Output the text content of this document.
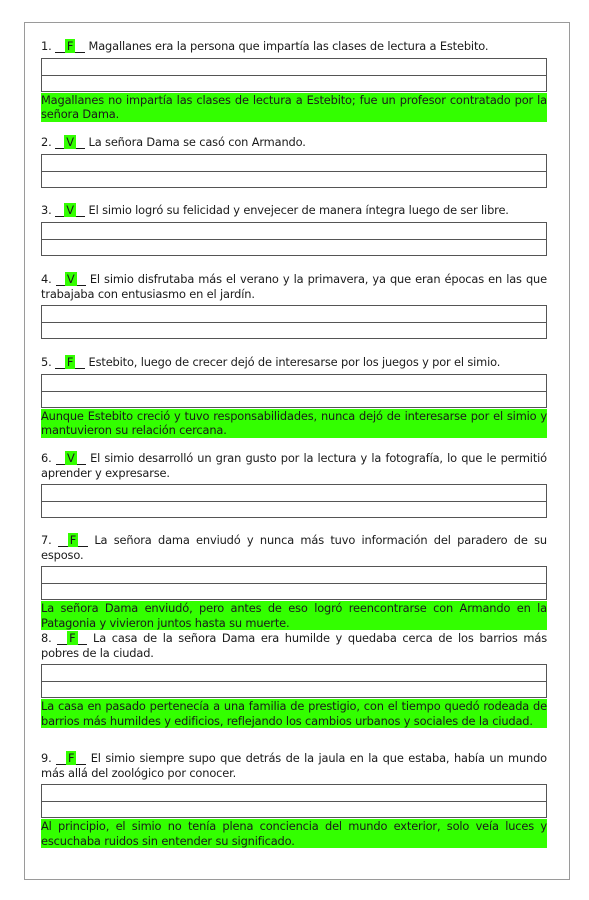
1. F Magallanes era la persona que impartía las clases de lectura a Estebito.

Magallanes no impartía las clases de lectura a Estebito; fue un profesor contratado por la señora Dama.

2. V La señora Dama se casó con Armando.

3. V El simio logró su felicidad y envejecer de manera íntegra luego de ser libre.

4. V El simio disfrutaba más el verano y la primavera, ya que eran épocas en las que trabajaba con entusiasmo en el jardín.

5. F Estebito, luego de crecer dejó de interesarse por los juegos y por el simio.

Aunque Estebito creció y tuvo responsabilidades, nunca dejó de interesarse por el simio y mantuvieron su relación cercana.

6. V El simio desarrolló un gran gusto por la lectura y la fotografía, lo que le permitió aprender y expresarse.

7. F La señora dama enviudó y nunca más tuvo información del paradero de su esposo.

La señora Dama enviudó, pero antes de eso logró reencontrarse con Armando en la Patagonia y vivieron juntos hasta su muerte.

8. F La casa de la señora Dama era humilde y quedaba cerca de los barrios más pobres de la ciudad.

La casa en pasado pertenecía a una familia de prestigio, con el tiempo quedó rodeada de barrios más humildes y edificios, reflejando los cambios urbanos y sociales de la ciudad.

9. F El simio siempre supo que detrás de la jaula en la que estaba, había un mundo más allá del zoológico por conocer.

Al principio, el simio no tenía plena conciencia del mundo exterior, solo veía luces y escuchaba ruidos sin entender su significado.
